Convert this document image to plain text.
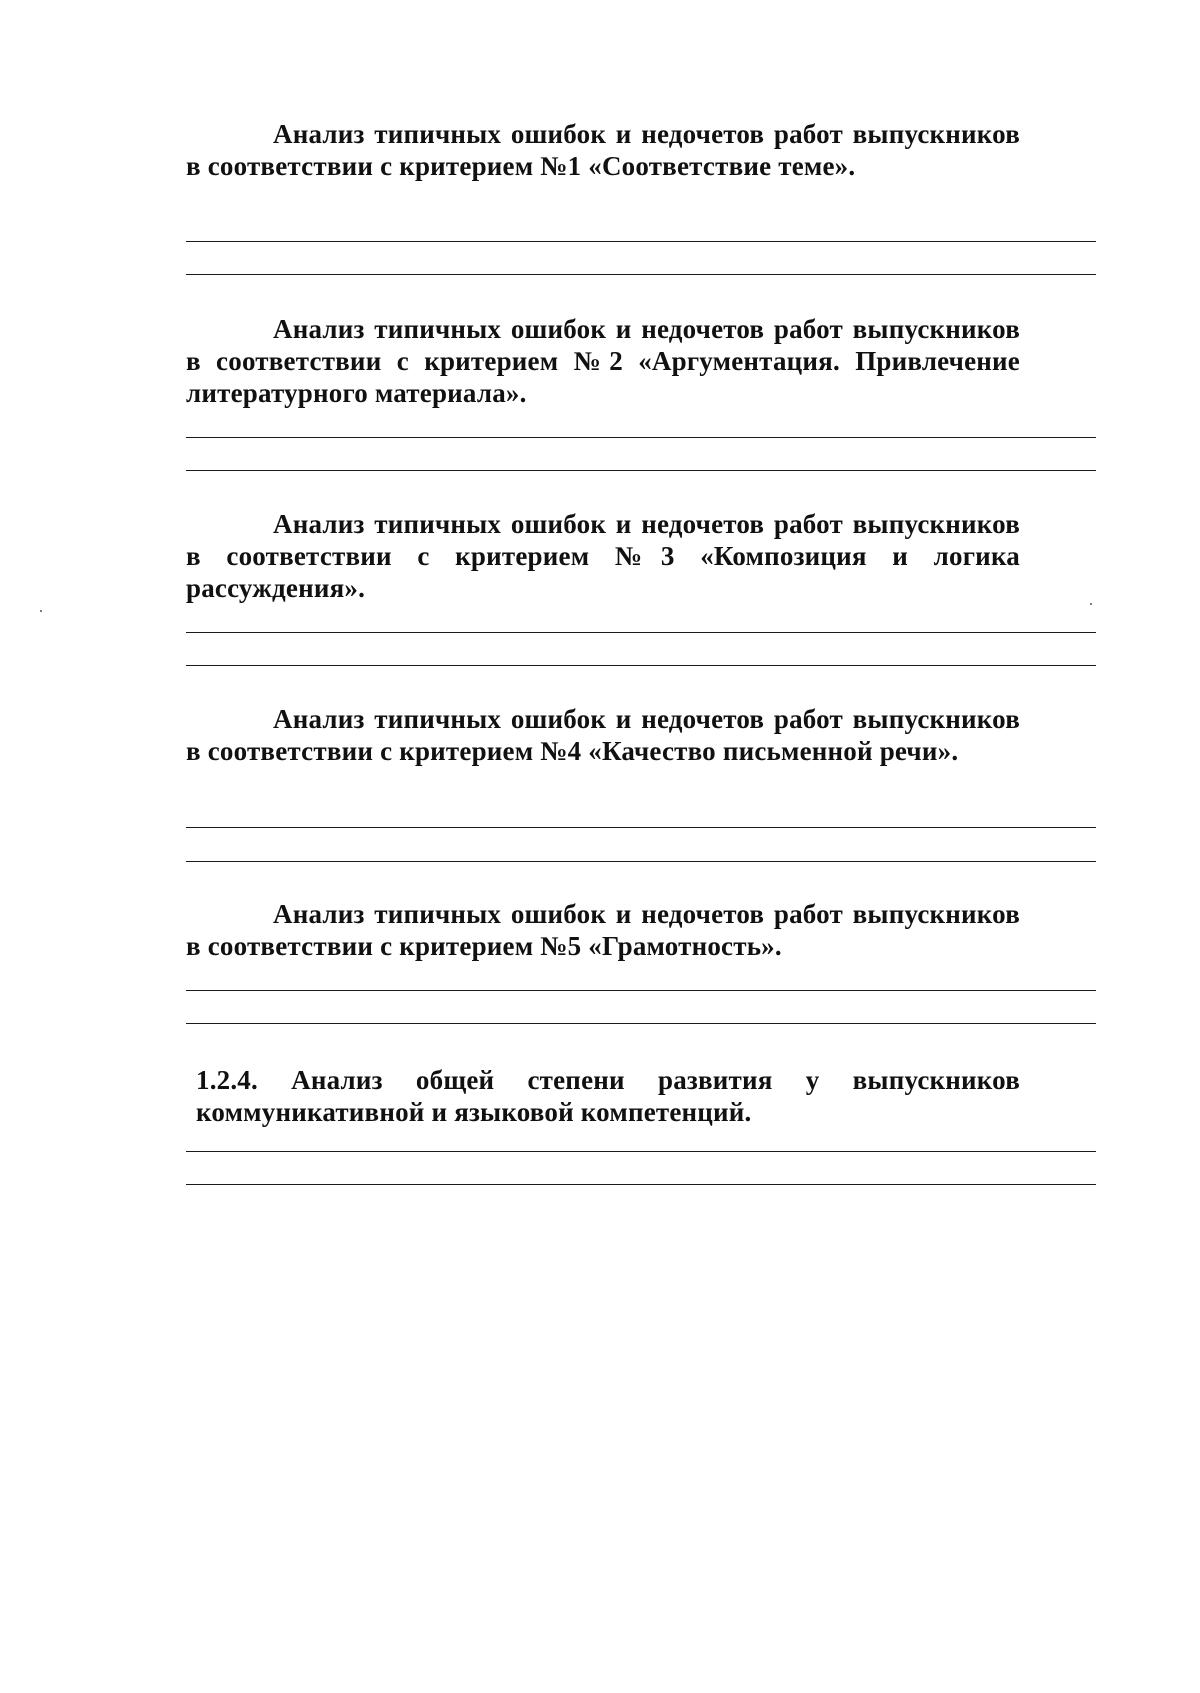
Анализ типичных ошибок и недочетов работ выпускников в соответствии с критерием №1 «Соответствие теме».

Анализ типичных ошибок и недочетов работ выпускников в соответствии с критерием №2 «Аргументация. Привлечение литературного материала».

Анализ типичных ошибок и недочетов работ выпускников в соответствии с критерием №3 «Композиция и логика рассуждения».

Анализ типичных ошибок и недочетов работ выпускников в соответствии с критерием №4 «Качество письменной речи».

Анализ типичных ошибок и недочетов работ выпускников в соответствии с критерием №5 «Грамотность».

1.2.4. Анализ общей степени развития у выпускников коммуникативной и языковой компетенций.
